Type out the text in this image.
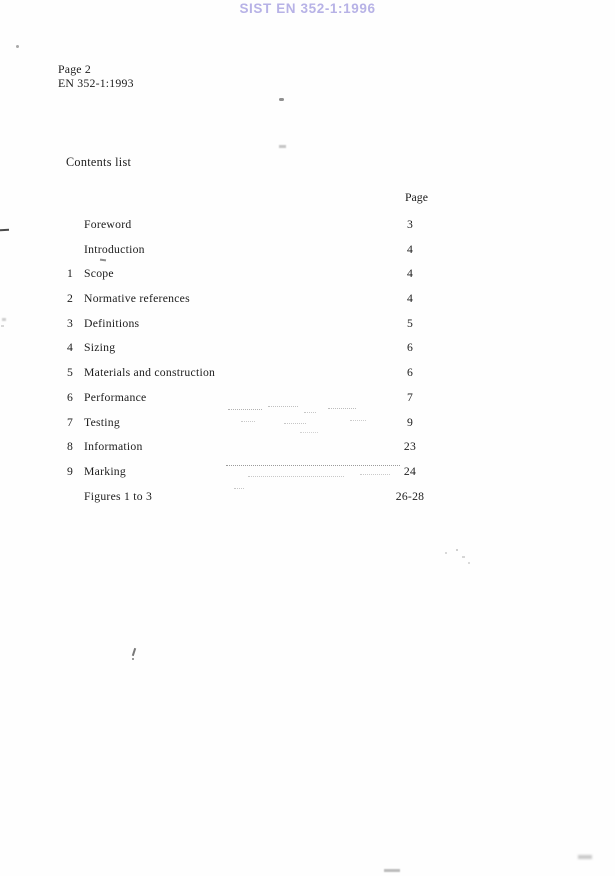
SIST EN 352-1:1996
Page 2
EN 352-1:1993
Contents list
Page
Foreword	3
Introduction	4
1 Scope	4
2 Normative references	4
3 Definitions	5
4 Sizing	6
5 Materials and construction	6
6 Performance	7
7 Testing	9
8 Information	23
9 Marking	24
Figures 1 to 3	26-28
